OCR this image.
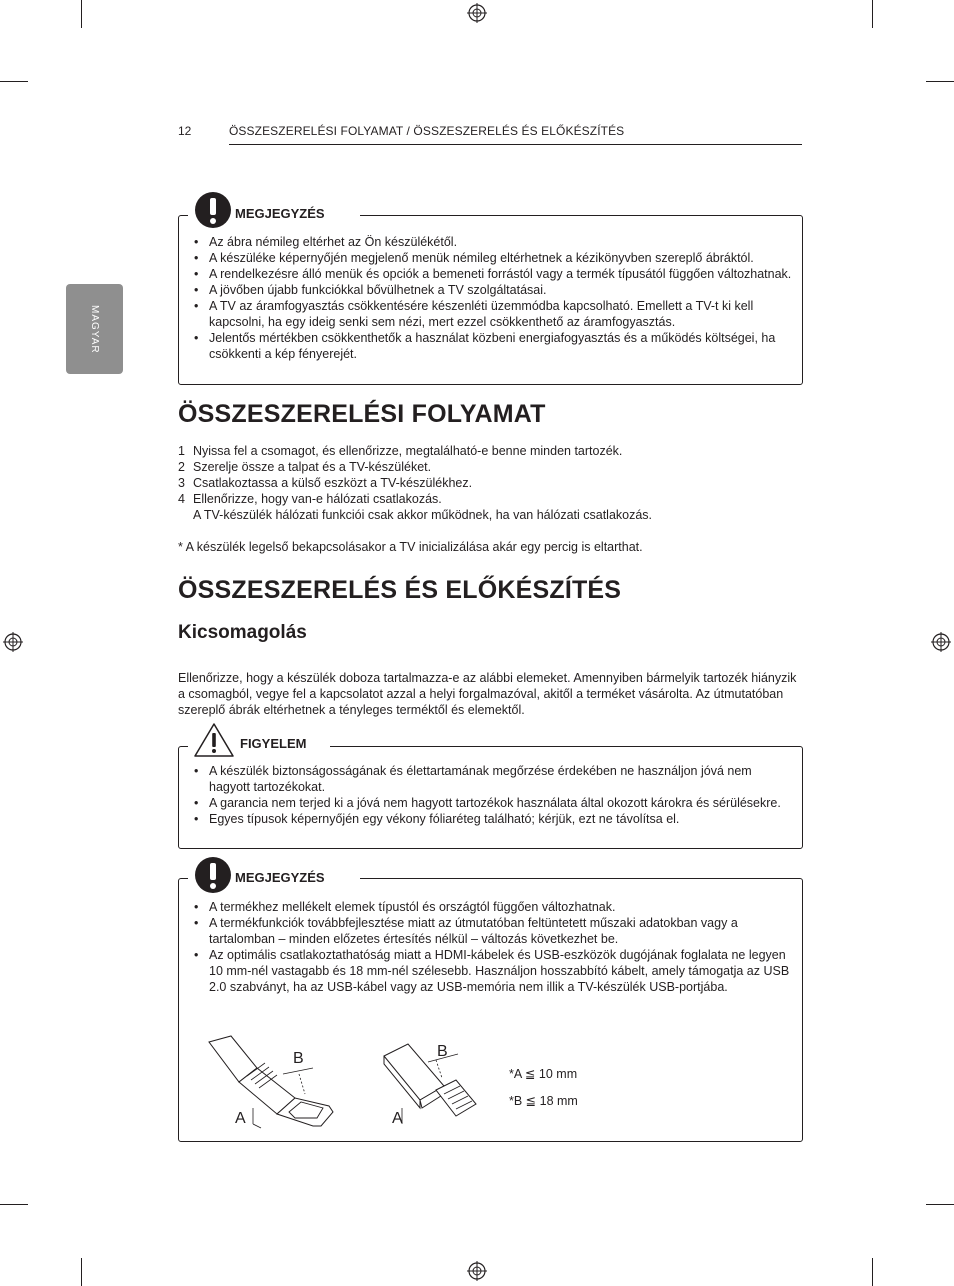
12	ÖSSZESZERELÉSI FOLYAMAT / ÖSSZESZERELÉS ÉS ELŐKÉSZÍTÉS
MAGYAR
MEGJEGYZÉS
• Az ábra némileg eltérhet az Ön készülékétől.
• A készüléke képernyőjén megjelenő menük némileg eltérhetnek a kézikönyvben szereplő ábráktól.
• A rendelkezésre álló menük és opciók a bemeneti forrástól vagy a termék típusától függően változhatnak.
• A jövőben újabb funkciókkal bővülhetnek a TV szolgáltatásai.
• A TV az áramfogyasztás csökkentésére készenléti üzemmódba kapcsolható. Emellett a TV-t ki kell kapcsolni, ha egy ideig senki sem nézi, mert ezzel csökkenthető az áramfogyasztás.
• Jelentős mértékben csökkenthetők a használat közbeni energiafogyasztás és a működés költségei, ha csökkenti a kép fényerejét.
ÖSSZESZERELÉSI FOLYAMAT
1 Nyissa fel a csomagot, és ellenőrizze, megtalálható-e benne minden tartozék.
2 Szerelje össze a talpat és a TV-készüléket.
3 Csatlakoztassa a külső eszközt a TV-készülékhez.
4 Ellenőrizze, hogy van-e hálózati csatlakozás.
A TV-készülék hálózati funkciói csak akkor működnek, ha van hálózati csatlakozás.
* A készülék legelső bekapcsolásakor a TV inicializálása akár egy percig is eltarthat.
ÖSSZESZERELÉS ÉS ELŐKÉSZÍTÉS
Kicsomagolás
Ellenőrizze, hogy a készülék doboza tartalmazza-e az alábbi elemeket. Amennyiben bármelyik tartozék hiányzik a csomagból, vegye fel a kapcsolatot azzal a helyi forgalmazóval, akitől a terméket vásárolta. Az útmutatóban szereplő ábrák eltérhetnek a tényleges terméktől és elemektől.
FIGYELEM
• A készülék biztonságosságának és élettartamának megőrzése érdekében ne használjon jóvá nem hagyott tartozékokat.
• A garancia nem terjed ki a jóvá nem hagyott tartozékok használata által okozott károkra és sérülésekre.
• Egyes típusok képernyőjén egy vékony fóliaréteg található; kérjük, ezt ne távolítsa el.
MEGJEGYZÉS
• A termékhez mellékelt elemek típustól és országtól függően változhatnak.
• A termékfunkciók továbbfejlesztése miatt az útmutatóban feltüntetett műszaki adatokban vagy a tartalomban – minden előzetes értesítés nélkül – változás következhet be.
• Az optimális csatlakoztathatóság miatt a HDMI-kábelek és USB-eszközök dugójának foglalata ne legyen 10 mm-nél vastagabb és 18 mm-nél szélesebb. Használjon hosszabbító kábelt, amely támogatja az USB 2.0 szabványt, ha az USB-kábel vagy az USB-memória nem illik a TV-készülék USB-portjába.
B
A
B
A
*A ≦ 10 mm
*B ≦ 18 mm
